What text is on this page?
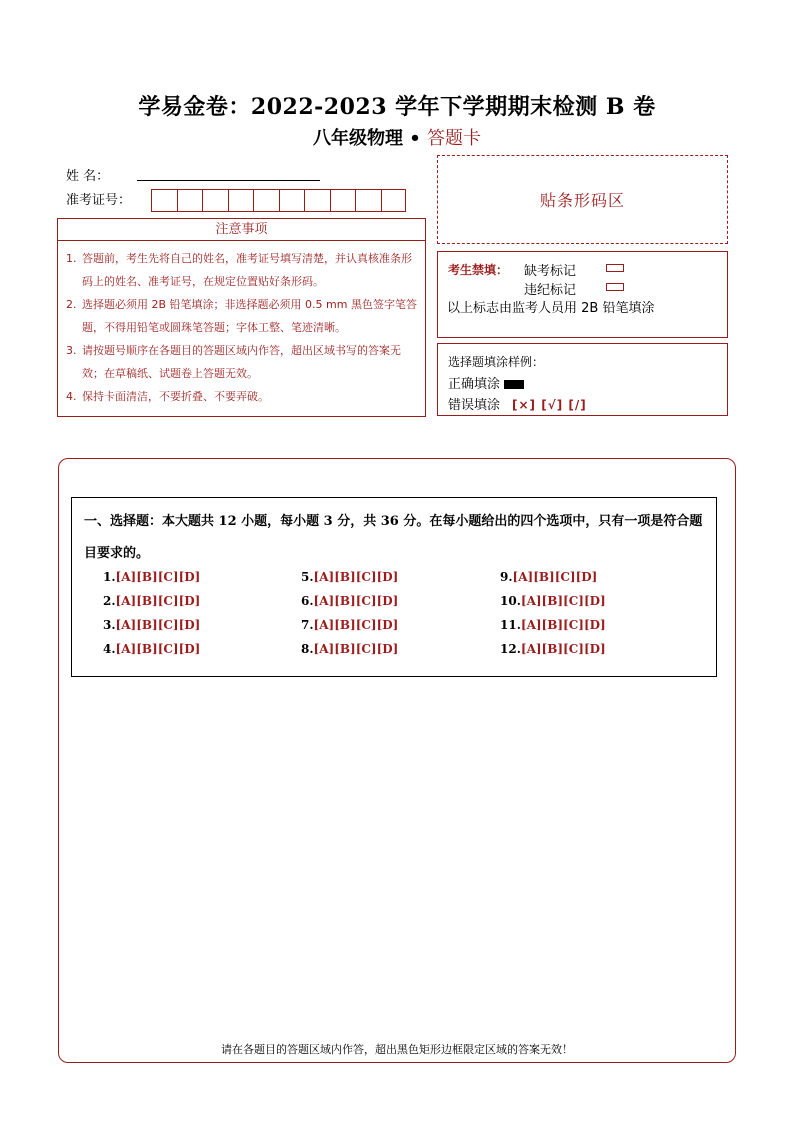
学易金卷：2022-2023 学年下学期期末检测 B 卷
八年级物理 • 答题卡
姓 名：
准考证号：	贴条形码区
注意事项
1. 答题前，考生先将自己的姓名，准考证号填写清楚，并认真核准条形码上的姓名、准考证号，在规定位置贴好条形码。
2. 选择题必须用 2B 铅笔填涂；非选择题必须用 0.5 mm 黑色签字笔答题，不得用铅笔或圆珠笔答题；字体工整、笔迹清晰。
3. 请按题号顺序在各题目的答题区域内作答，超出区域书写的答案无效；在草稿纸、试题卷上答题无效。
4. 保持卡面清洁，不要折叠、不要弄破。
考生禁填： 缺考标记
违纪标记
以上标志由监考人员用 2B 铅笔填涂
选择题填涂样例：
正确填涂
错误填涂 [×] [√] [/]
一、选择题：本大题共 12 小题，每小题 3 分，共 36 分。在每小题给出的四个选项中，只有一项是符合题目要求的。
1.[A][B][C][D]
2.[A][B][C][D]
3.[A][B][C][D]
4.[A][B][C][D]
5.[A][B][C][D]
6.[A][B][C][D]
7.[A][B][C][D]
8.[A][B][C][D]
9.[A][B][C][D]
10.[A][B][C][D]
11.[A][B][C][D]
12.[A][B][C][D]
请在各题目的答题区域内作答，超出黑色矩形边框限定区域的答案无效！
